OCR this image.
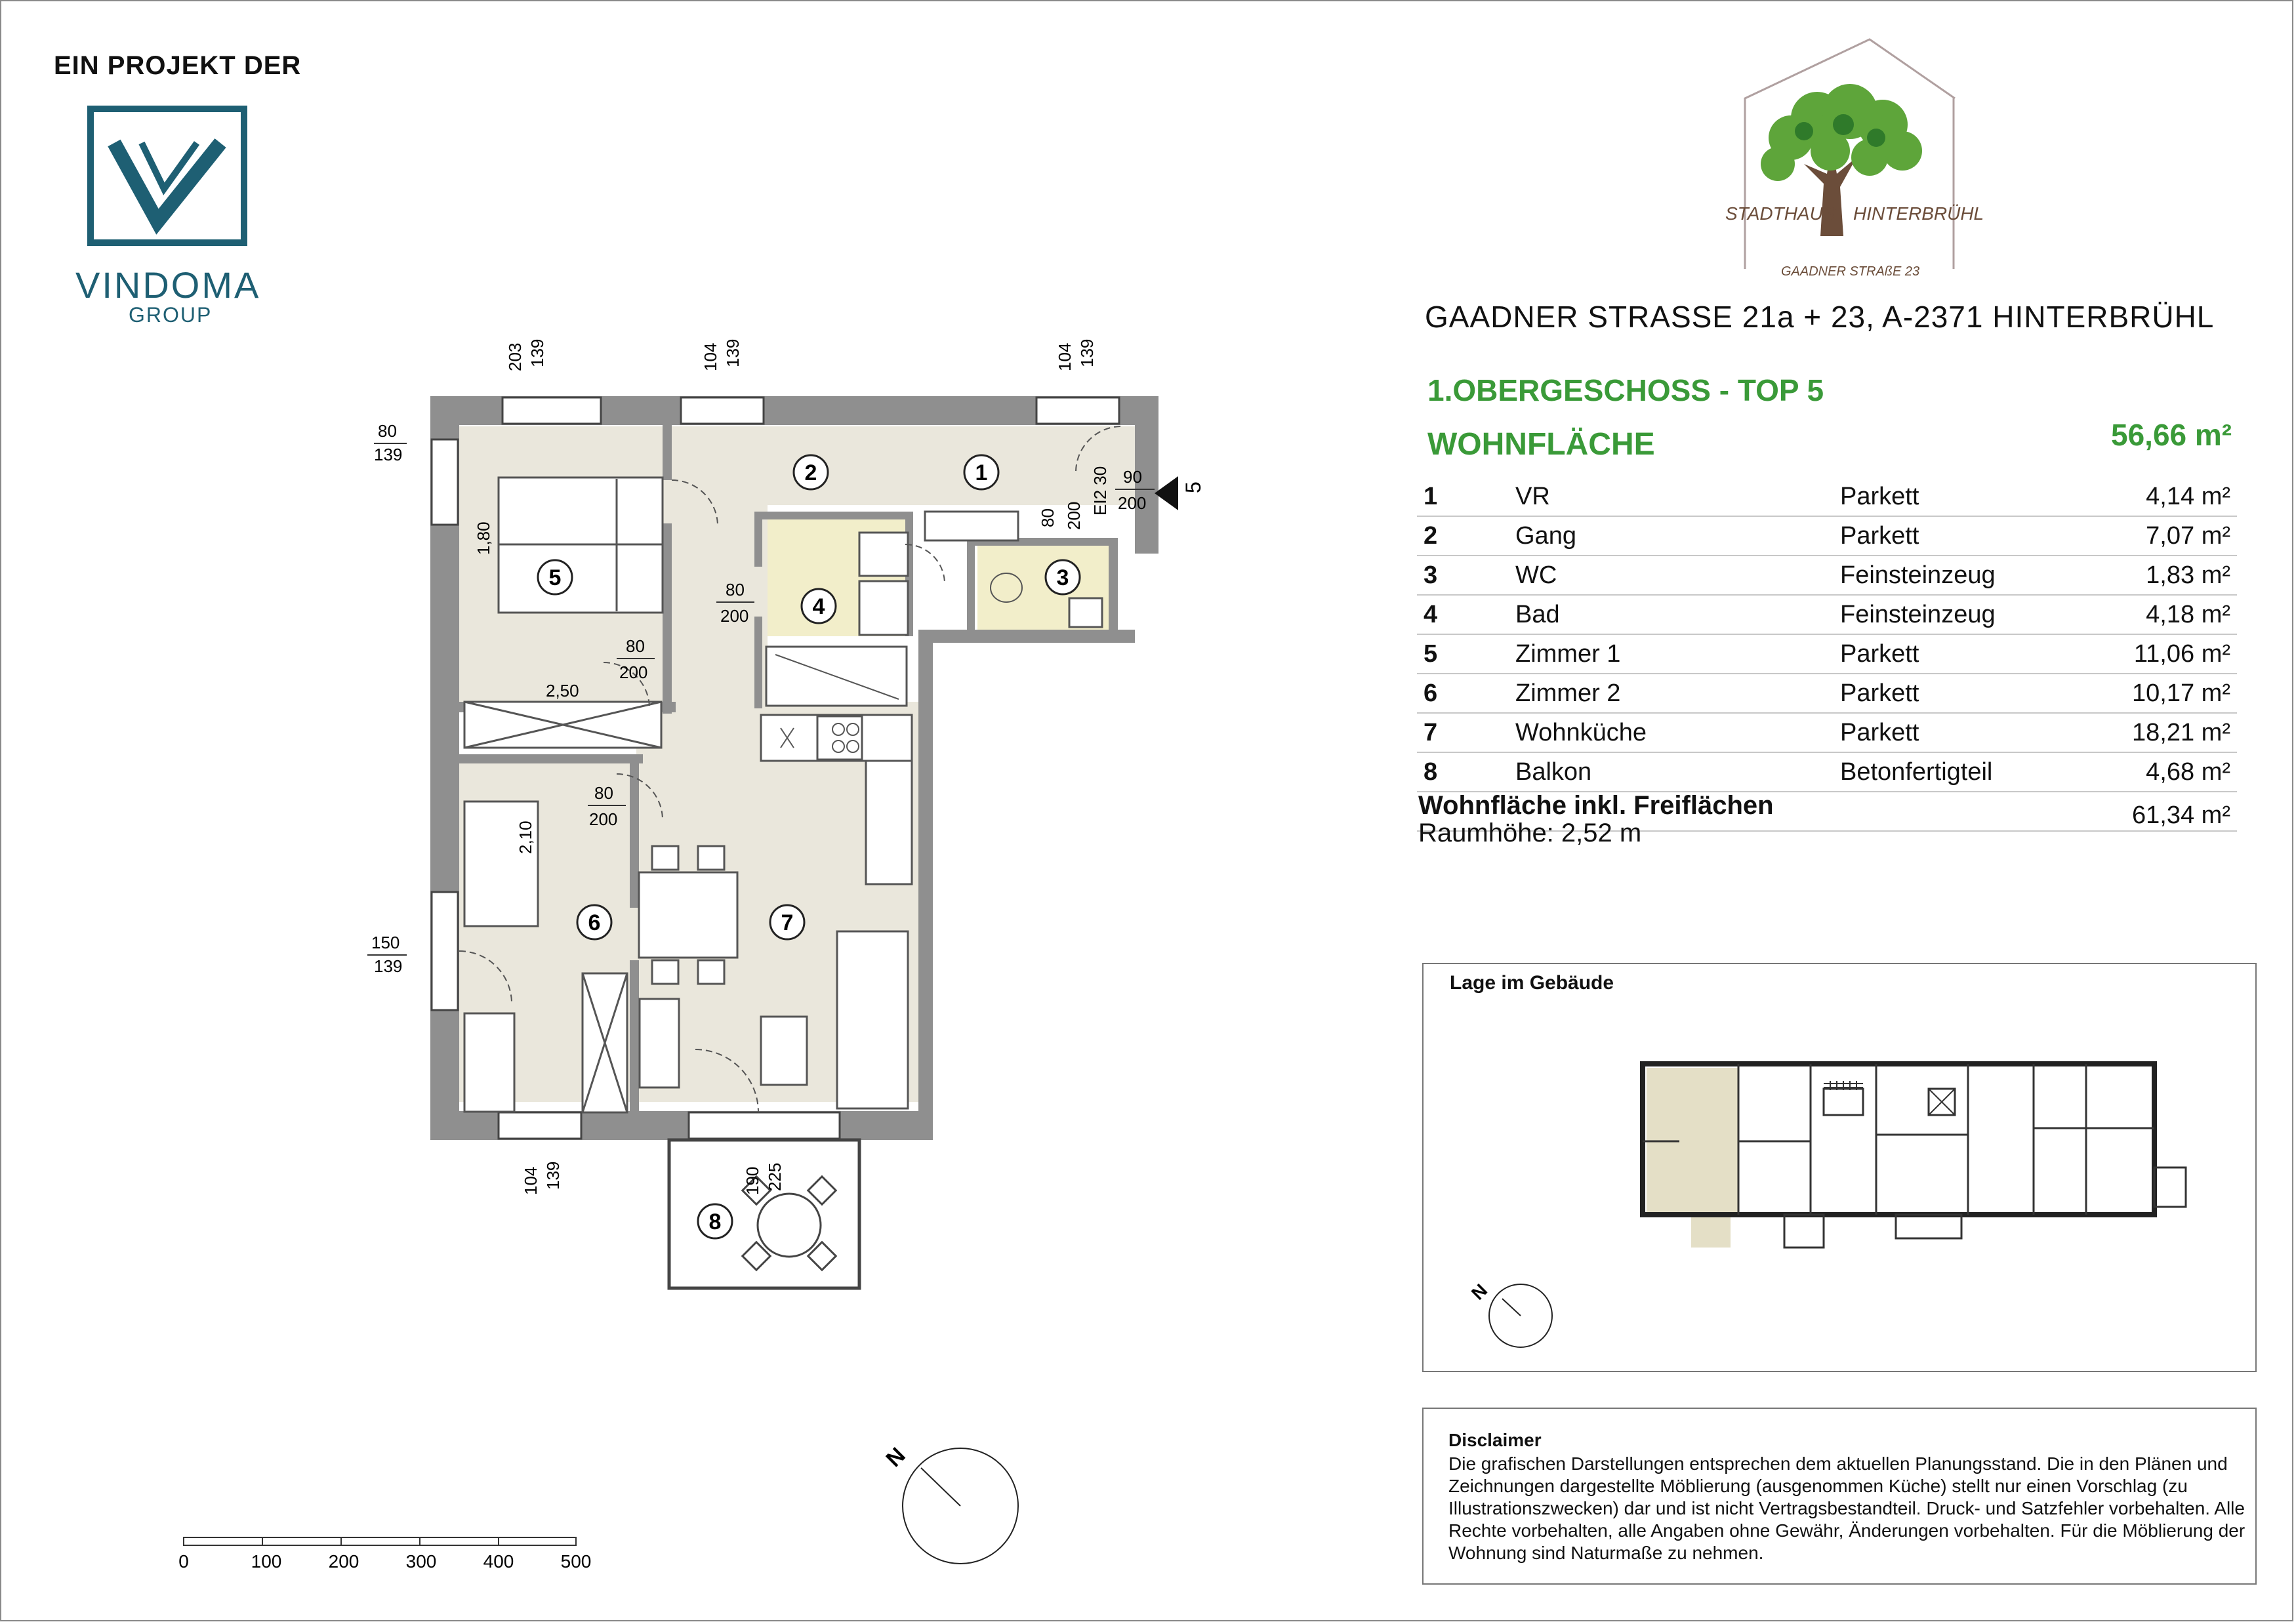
EIN PROJEKT DER
VINDOMA
GROUP
STADTHAUS HINTERBRÜHL
GAADNER STRAßE 23
GAADNER STRASSE 21a + 23, A-2371 HINTERBRÜHL
1.OBERGESCHOSS - TOP 5
WOHNFLÄCHE	56,66 m²
1	VR	Parkett	4,14 m²
2	Gang	Parkett	7,07 m²
3	WC	Feinsteinzeug	1,83 m²
4	Bad	Feinsteinzeug	4,18 m²
5	Zimmer 1	Parkett	11,06 m²
6	Zimmer 2	Parkett	10,17 m²
7	Wohnküche	Parkett	18,21 m²
8	Balkon	Betonfertigteil	4,68 m²
Wohnfläche inkl. Freiflächen	61,34 m²
Raumhöhe: 2,52 m
Lage im Gebäude
N
Disclaimer
Die grafischen Darstellungen entsprechen dem aktuellen Planungsstand. Die in den Plänen und Zeichnungen dargestellte Möblierung (ausgenommen Küche) stellt nur einen Vorschlag (zu Illustrationszwecken) dar und ist nicht Vertragsbestandteil. Druck- und Satzfehler vorbehalten. Alle Rechte vorbehalten, alle Angaben ohne Gewähr, Änderungen vorbehalten. Für die Möblierung der Wohnung sind Naturmaße zu nehmen.
1
2
3
4
5
6	7
8
203 139	104 139	104 139
80
139
150
139
104 139	190 225
90
200
EI2 30
80 200
80
200
80
200
80
200
5
1,80
2,50
2,10
N
0	100	200	300	400	500
